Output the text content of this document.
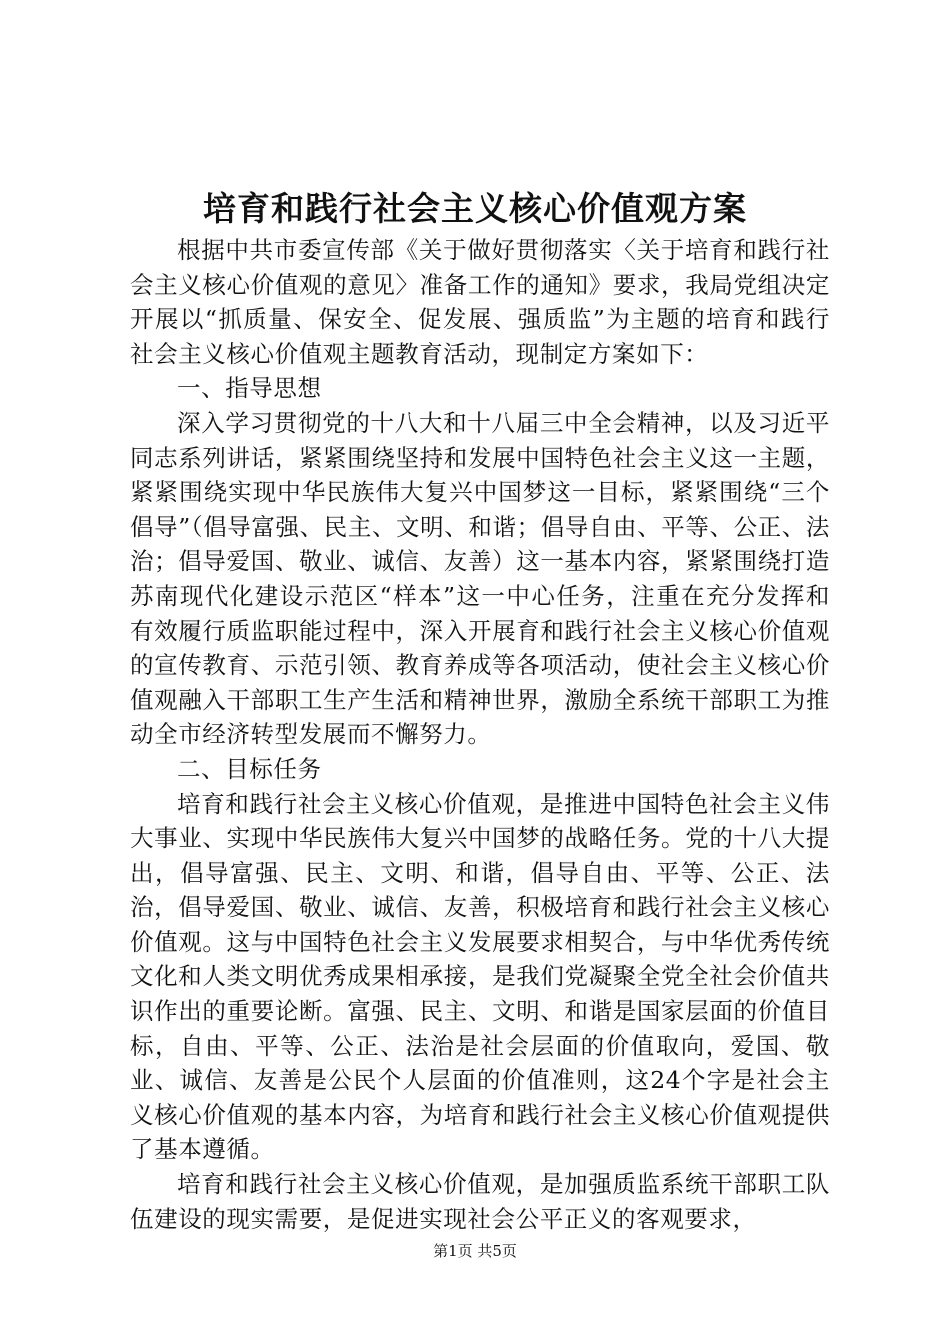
培育和践行社会主义核心价值观方案

根据中共市委宣传部《关于做好贯彻落实〈关于培育和践行社会主义核心价值观的意见〉准备工作的通知》要求，我局党组决定开展以“抓质量、保安全、促发展、强质监”为主题的培育和践行社会主义核心价值观主题教育活动，现制定方案如下：

一、指导思想

深入学习贯彻党的十八大和十八届三中全会精神，以及习近平同志系列讲话，紧紧围绕坚持和发展中国特色社会主义这一主题，紧紧围绕实现中华民族伟大复兴中国梦这一目标，紧紧围绕“三个倡导”（倡导富强、民主、文明、和谐；倡导自由、平等、公正、法治；倡导爱国、敬业、诚信、友善）这一基本内容，紧紧围绕打造苏南现代化建设示范区“样本”这一中心任务，注重在充分发挥和有效履行质监职能过程中，深入开展育和践行社会主义核心价值观的宣传教育、示范引领、教育养成等各项活动，使社会主义核心价值观融入干部职工生产生活和精神世界，激励全系统干部职工为推动全市经济转型发展而不懈努力。

二、目标任务

培育和践行社会主义核心价值观，是推进中国特色社会主义伟大事业、实现中华民族伟大复兴中国梦的战略任务。党的十八大提出，倡导富强、民主、文明、和谐，倡导自由、平等、公正、法治，倡导爱国、敬业、诚信、友善，积极培育和践行社会主义核心价值观。这与中国特色社会主义发展要求相契合，与中华优秀传统文化和人类文明优秀成果相承接，是我们党凝聚全党全社会价值共识作出的重要论断。富强、民主、文明、和谐是国家层面的价值目标，自由、平等、公正、法治是社会层面的价值取向，爱国、敬业、诚信、友善是公民个人层面的价值准则，这24个字是社会主义核心价值观的基本内容，为培育和践行社会主义核心价值观提供了基本遵循。

培育和践行社会主义核心价值观，是加强质监系统干部职工队伍建设的现实需要，是促进实现社会公平正义的客观要求，

第1页 共5页
